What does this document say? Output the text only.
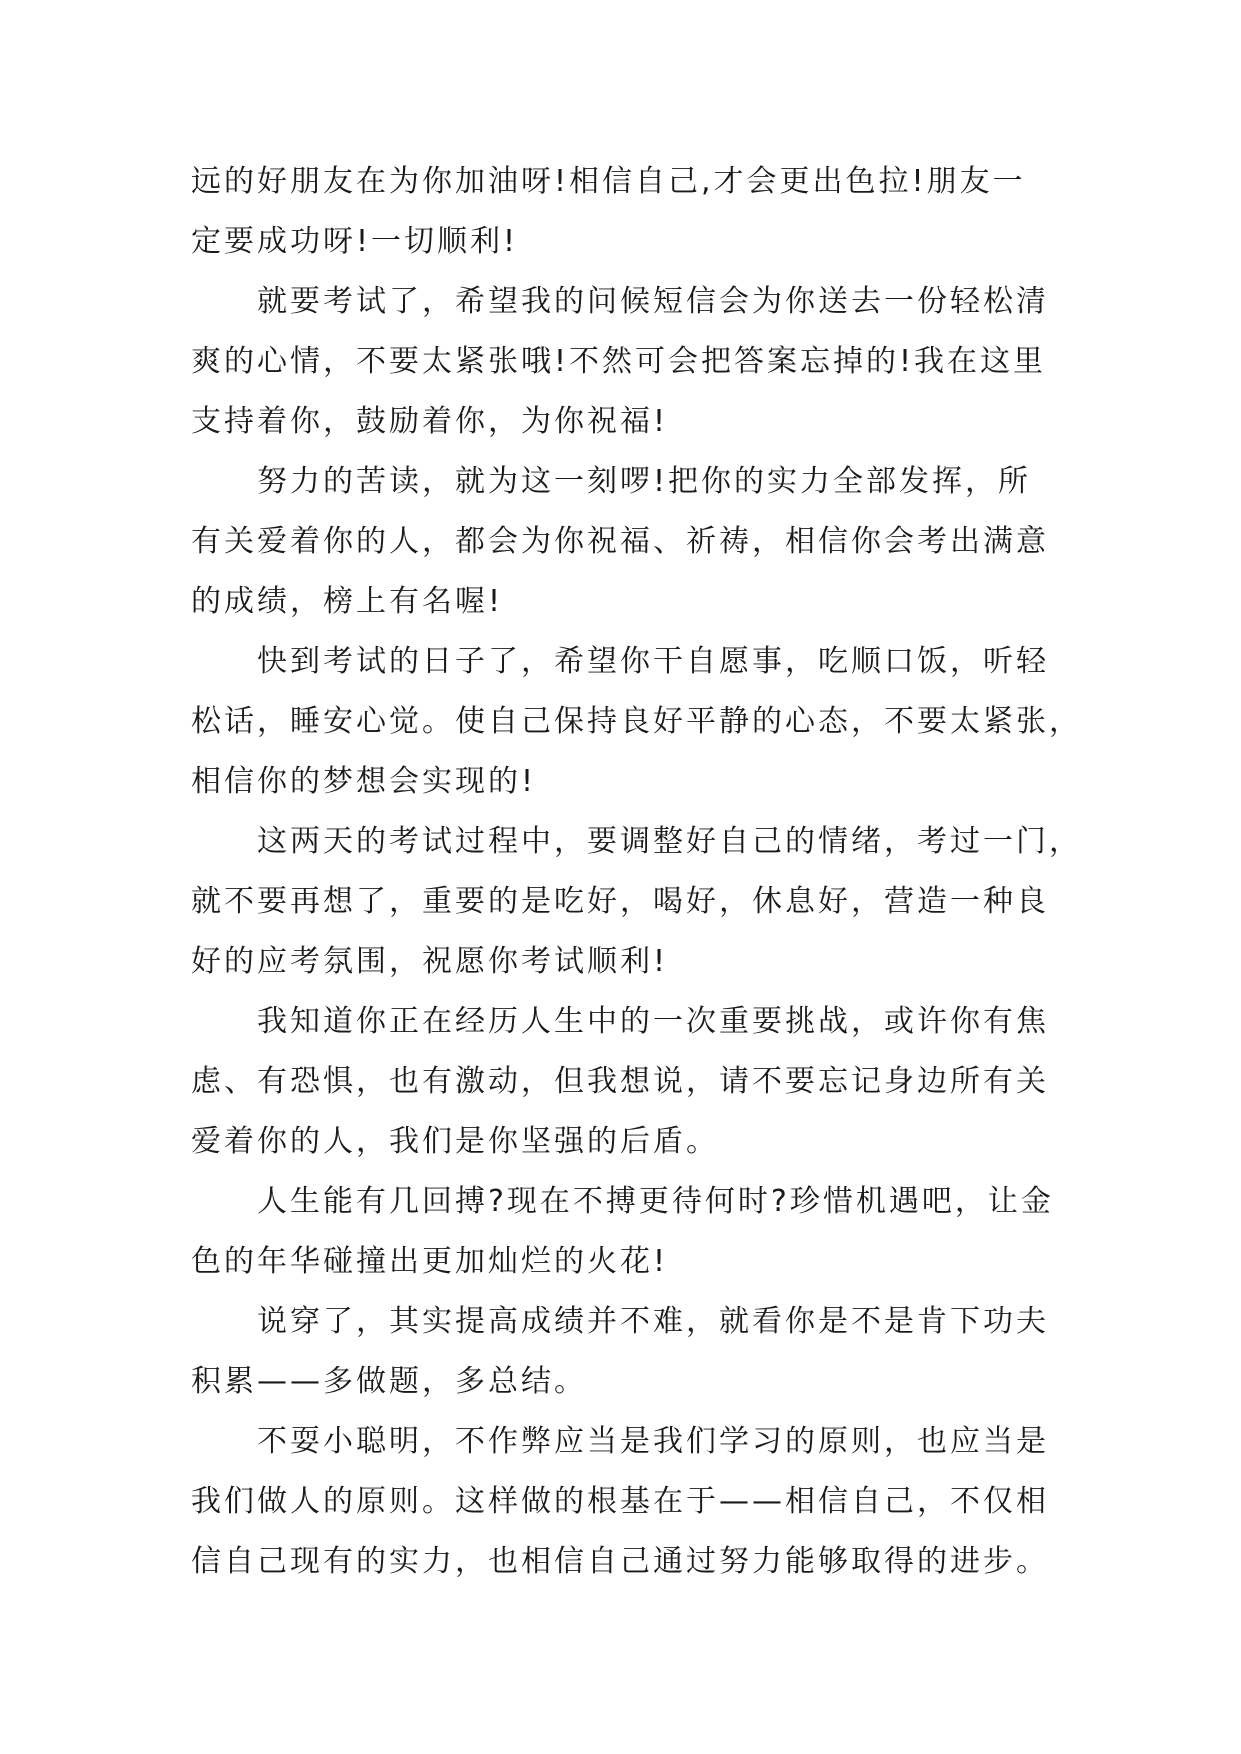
远的好朋友在为你加油呀!相信自己,才会更出色拉!朋友一
定要成功呀!一切顺利!
就要考试了，希望我的问候短信会为你送去一份轻松清
爽的心情，不要太紧张哦!不然可会把答案忘掉的!我在这里
支持着你，鼓励着你，为你祝福!
努力的苦读，就为这一刻啰!把你的实力全部发挥，所
有关爱着你的人，都会为你祝福、祈祷，相信你会考出满意
的成绩，榜上有名喔!
快到考试的日子了，希望你干自愿事，吃顺口饭，听轻
松话，睡安心觉。使自己保持良好平静的心态，不要太紧张，
相信你的梦想会实现的!
这两天的考试过程中，要调整好自己的情绪，考过一门，
就不要再想了，重要的是吃好，喝好，休息好，营造一种良
好的应考氛围，祝愿你考试顺利!
我知道你正在经历人生中的一次重要挑战，或许你有焦
虑、有恐惧，也有激动，但我想说，请不要忘记身边所有关
爱着你的人，我们是你坚强的后盾。
人生能有几回搏?现在不搏更待何时?珍惜机遇吧，让金
色的年华碰撞出更加灿烂的火花!
说穿了，其实提高成绩并不难，就看你是不是肯下功夫
积累——多做题，多总结。
不耍小聪明，不作弊应当是我们学习的原则，也应当是
我们做人的原则。这样做的根基在于——相信自己，不仅相
信自己现有的实力，也相信自己通过努力能够取得的进步。
